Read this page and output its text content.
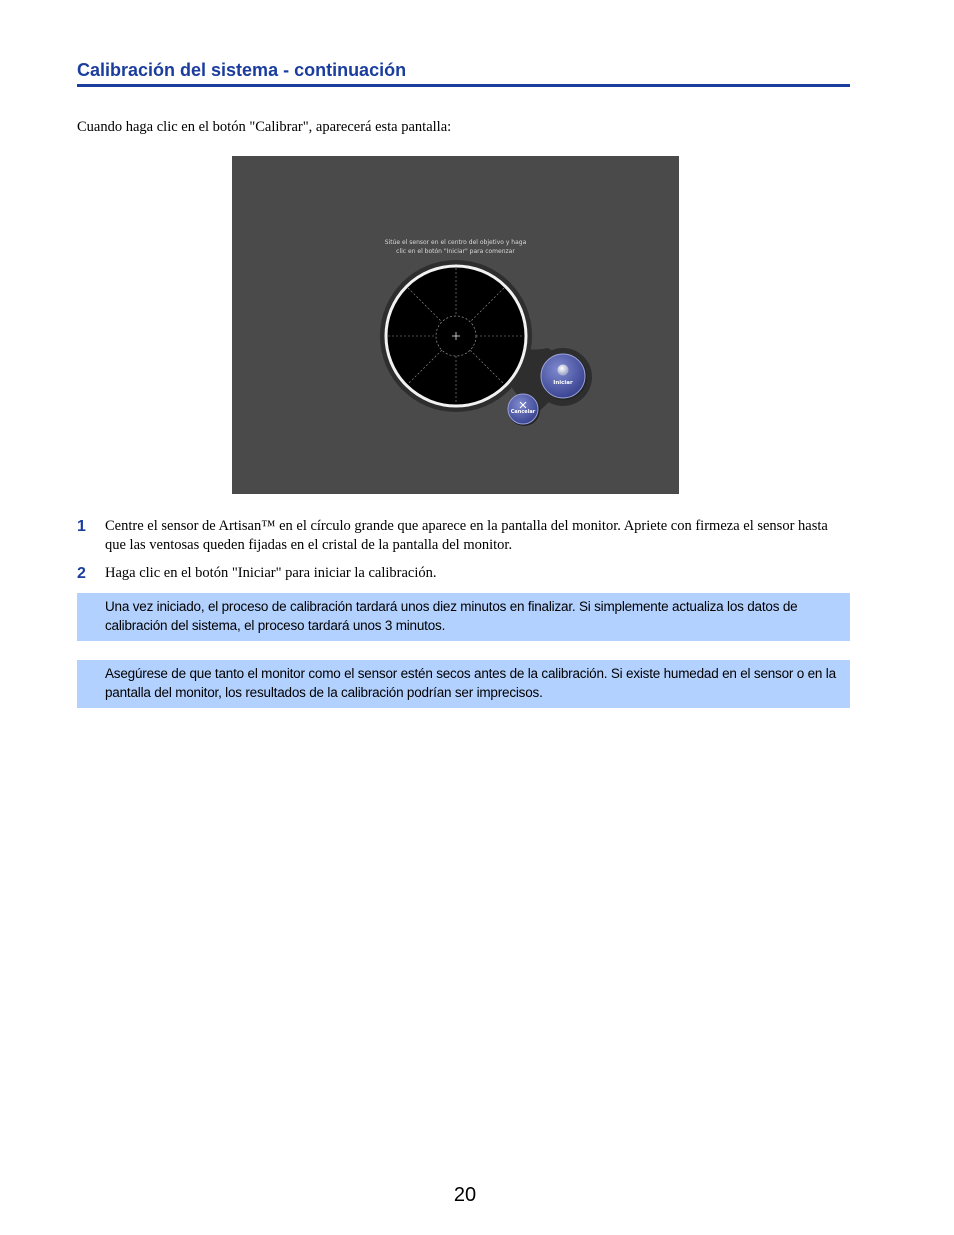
Calibración del sistema - continuación
Cuando haga clic en el botón "Calibrar", aparecerá esta pantalla:
Sitúe el sensor en el centro del objetivo y haga
clic en el botón "Iniciar" para comenzar
Iniciar
Cancelar
1 Centre el sensor de Artisan™ en el círculo grande que aparece en la pantalla del monitor. Apriete con firmeza el sensor hasta que las ventosas queden fijadas en el cristal de la pantalla del monitor.
2 Haga clic en el botón "Iniciar" para iniciar la calibración.
Una vez iniciado, el proceso de calibración tardará unos diez minutos en finalizar. Si simplemente actualiza los datos de calibración del sistema, el proceso tardará unos 3 minutos.
Asegúrese de que tanto el monitor como el sensor estén secos antes de la calibración. Si existe humedad en el sensor o en la pantalla del monitor, los resultados de la calibración podrían ser imprecisos.
20
